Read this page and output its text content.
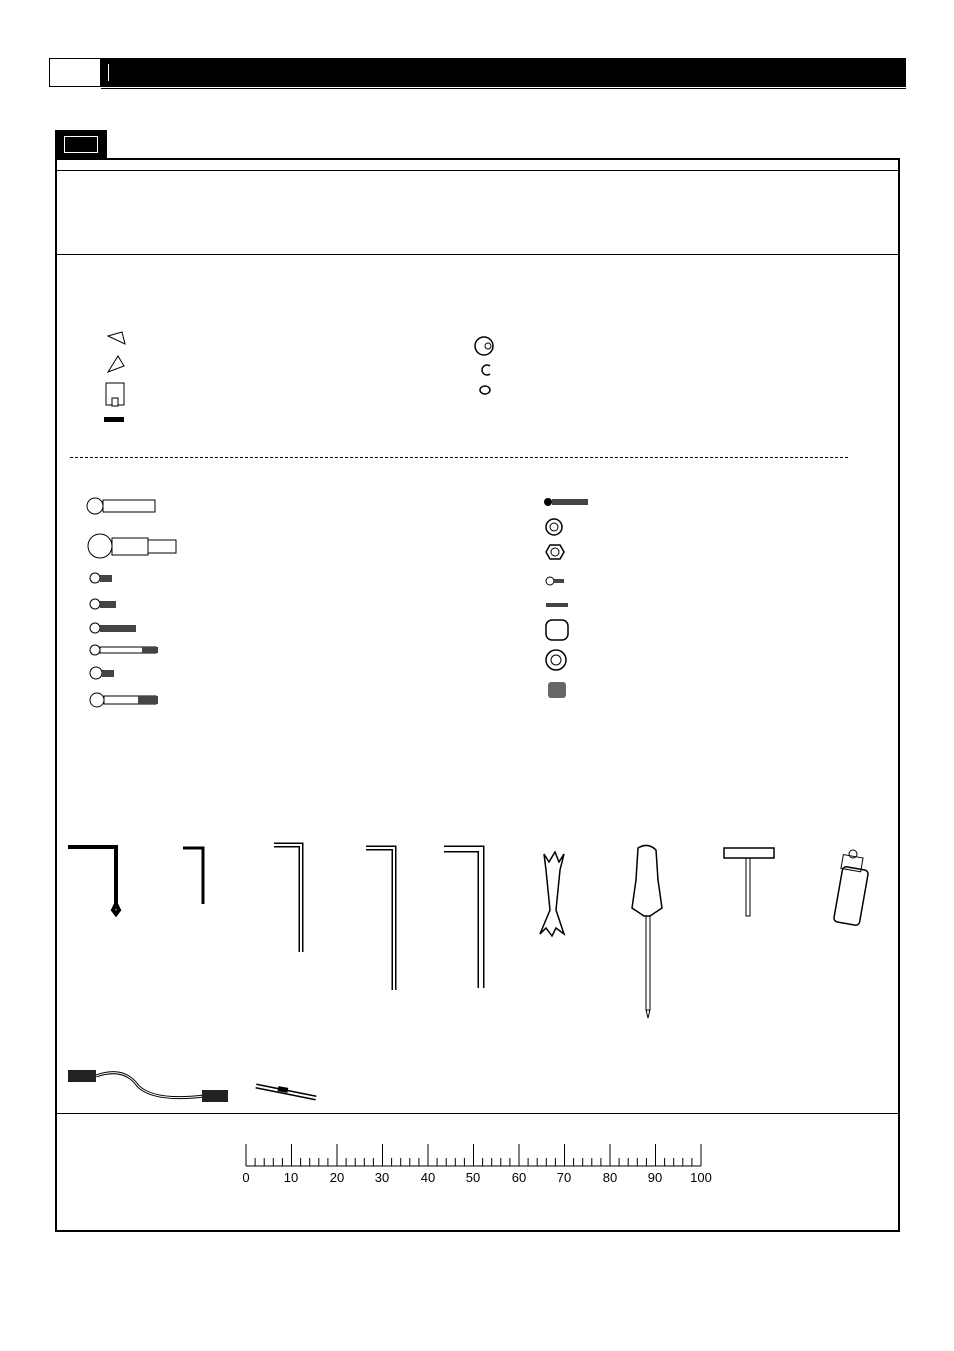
0	10 20 30 40 50 60 70 80 90 100
